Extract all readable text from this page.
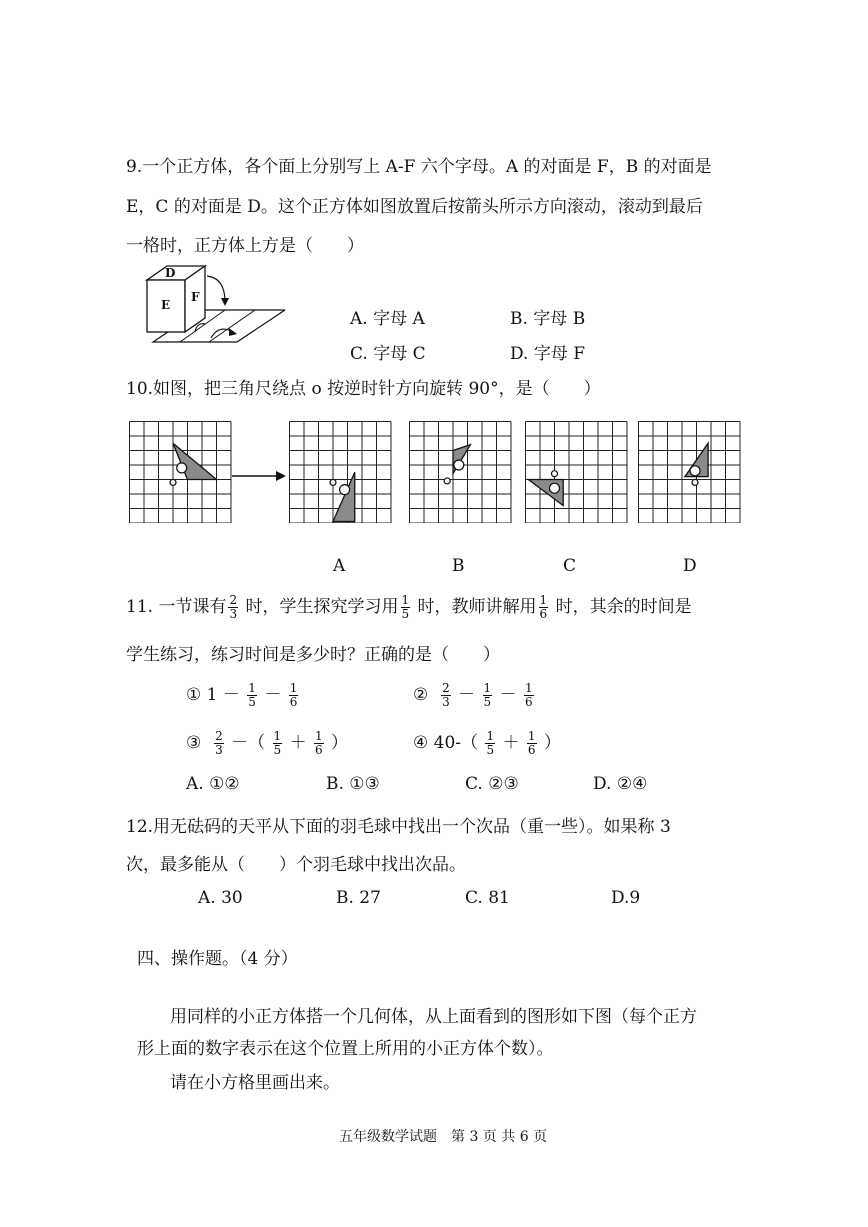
9.一个正方体，各个面上分别写上 A-F 六个字母。A 的对面是 F，B 的对面是
E，C 的对面是 D。这个正方体如图放置后按箭头所示方向滚动，滚动到最后
一格时，正方体上方是（　　）
D
E
F
A. 字母 A	B. 字母 B
C. 字母 C	D. 字母 F
10.如图，把三角尺绕点 o 按逆时针方向旋转 90°，是（　　）
A	B	C	D
11. 一节课有 $\frac{2}{3}$ 时，学生探究学习用 $\frac{1}{5}$ 时，教师讲解用 $\frac{1}{6}$ 时，其余的时间是
学生练习，练习时间是多少时？正确的是（　　）
① $1 - \frac{1}{5} - \frac{1}{6}$	② $\frac{2}{3} - \frac{1}{5} - \frac{1}{6}$
③ $\frac{2}{3}$ －（ $\frac{1}{5} + \frac{1}{6}$ ）	④ $40-( \frac{1}{5} + \frac{1}{6}$ ）
A. ①②	B. ①③	C. ②③	D. ②④
12.用无砝码的天平从下面的羽毛球中找出一个次品（重一些）。如果称 3
次，最多能从（　　）个羽毛球中找出次品。
A. 30	B. 27	C. 81	D.9
四、操作题。（4 分）
用同样的小正方体搭一个几何体，从上面看到的图形如下图（每个正方
形上面的数字表示在这个位置上所用的小正方体个数）。
请在小方格里画出来。
五年级数学试题　第 3 页 共 6 页
